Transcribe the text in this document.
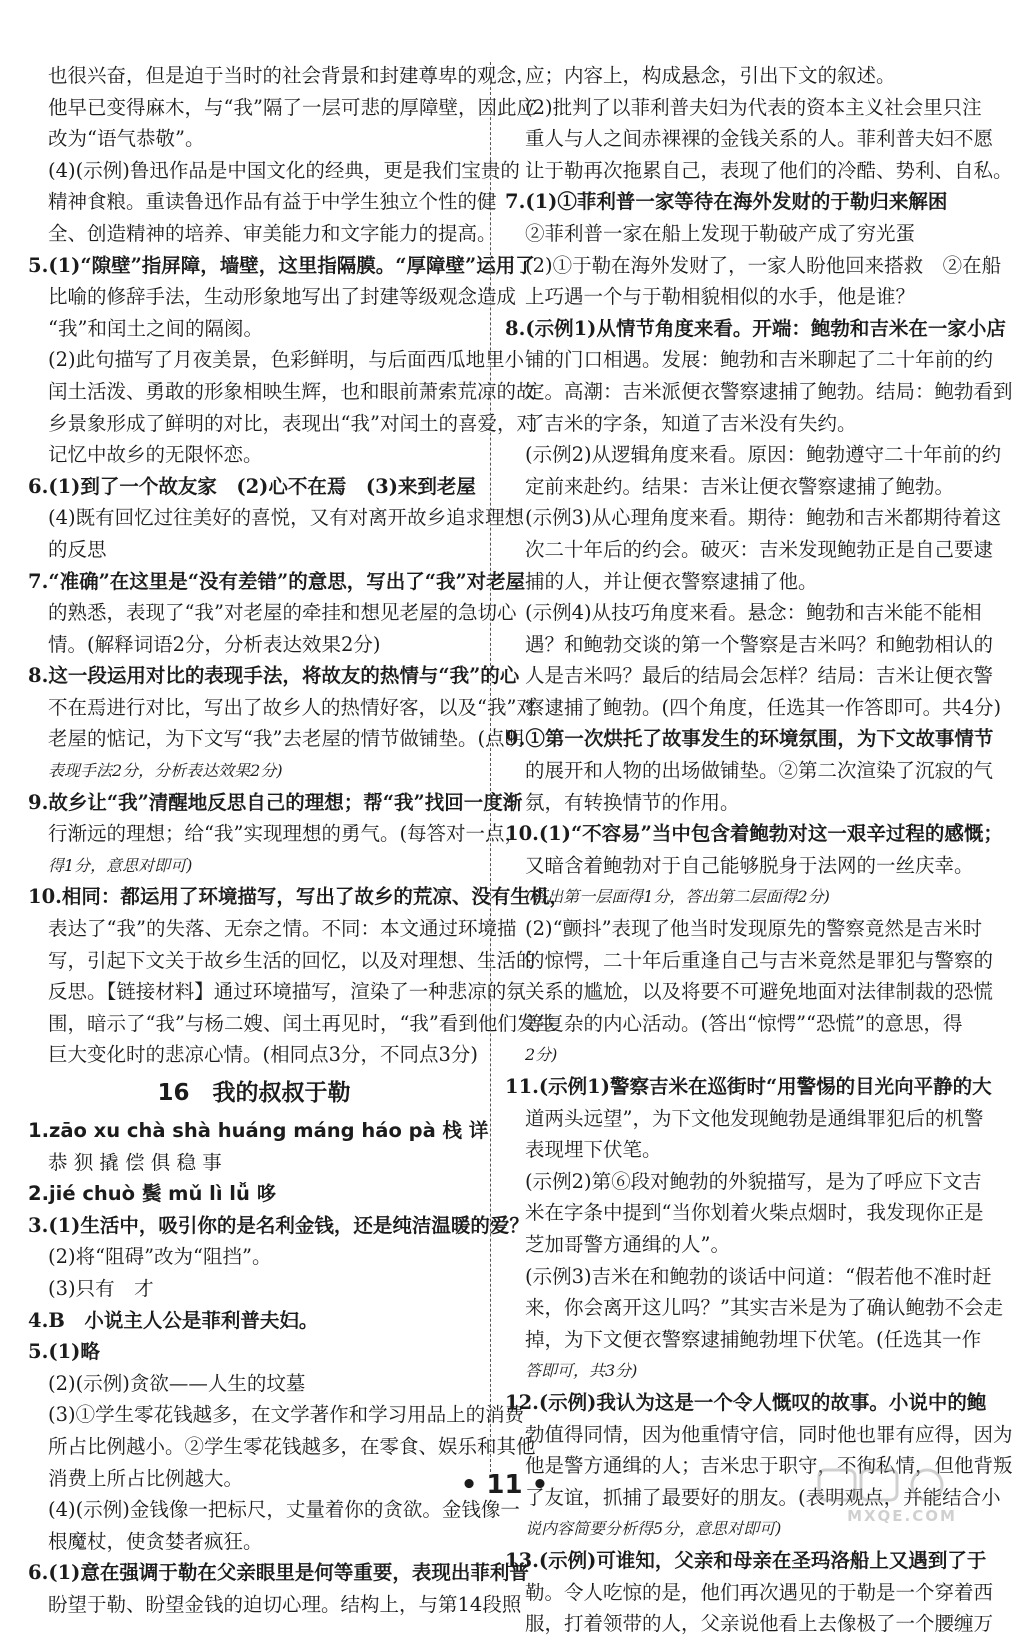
也很兴奋，但是迫于当时的社会背景和封建尊卑的观念，
他早已变得麻木，与“我”隔了一层可悲的厚障壁，因此应
改为“语气恭敬”。
(4)(示例)鲁迅作品是中国文化的经典，更是我们宝贵的
精神食粮。重读鲁迅作品有益于中学生独立个性的健
全、创造精神的培养、审美能力和文字能力的提高。
5.(1)“隙壁”指屏障，墙壁，这里指隔膜。“厚障壁”运用了
比喻的修辞手法，生动形象地写出了封建等级观念造成
“我”和闰土之间的隔阂。
(2)此句描写了月夜美景，色彩鲜明，与后面西瓜地里小
闰土活泼、勇敢的形象相映生辉，也和眼前萧索荒凉的故
乡景象形成了鲜明的对比，表现出“我”对闰土的喜爱，对
记忆中故乡的无限怀恋。
6.(1)到了一个故友家　(2)心不在焉　(3)来到老屋
(4)既有回忆过往美好的喜悦，又有对离开故乡追求理想
的反思
7.“准确”在这里是“没有差错”的意思，写出了“我”对老屋
的熟悉，表现了“我”对老屋的牵挂和想见老屋的急切心
情。(解释词语2分，分析表达效果2分)
8.这一段运用对比的表现手法，将故友的热情与“我”的心
不在焉进行对比，写出了故乡人的热情好客，以及“我”对
老屋的惦记，为下文写“我”去老屋的情节做铺垫。(点明
表现手法2分，分析表达效果2分)
9.故乡让“我”清醒地反思自己的理想；帮“我”找回一度渐
行渐远的理想；给“我”实现理想的勇气。(每答对一点，
得1分，意思对即可)
10.相同：都运用了环境描写，写出了故乡的荒凉、没有生机，
表达了“我”的失落、无奈之情。不同：本文通过环境描
写，引起下文关于故乡生活的回忆，以及对理想、生活的
反思。【链接材料】通过环境描写，渲染了一种悲凉的氛
围，暗示了“我”与杨二嫂、闰土再见时，“我”看到他们发生
巨大变化时的悲凉心情。(相同点3分，不同点3分)
16　我的叔叔于勒
1.zāo xu chà shà huáng máng háo pà 栈 详
恭 狈 撬 偿 俱 稳 事
2.jié chuò 鬓 mǔ lì lǚ 哆
3.(1)生活中，吸引你的是名利金钱，还是纯洁温暖的爱？
(2)将“阻碍”改为“阻挡”。
(3)只有　才
4.B　小说主人公是菲利普夫妇。
5.(1)略
(2)(示例)贪欲——人生的坟墓
(3)①学生零花钱越多，在文学著作和学习用品上的消费
所占比例越小。②学生零花钱越多，在零食、娱乐和其他
消费上所占比例越大。
(4)(示例)金钱像一把标尺，丈量着你的贪欲。金钱像一
根魔杖，使贪婪者疯狂。
6.(1)意在强调于勒在父亲眼里是何等重要，表现出菲利普
盼望于勒、盼望金钱的迫切心理。结构上，与第14段照
应；内容上，构成悬念，引出下文的叙述。
(2)批判了以菲利普夫妇为代表的资本主义社会里只注
重人与人之间赤裸裸的金钱关系的人。菲利普夫妇不愿
让于勒再次拖累自己，表现了他们的冷酷、势利、自私。
7.(1)①菲利普一家等待在海外发财的于勒归来解困
②菲利普一家在船上发现于勒破产成了穷光蛋
(2)①于勒在海外发财了，一家人盼他回来搭救　②在船
上巧遇一个与于勒相貌相似的水手，他是谁？
8.(示例1)从情节角度来看。开端：鲍勃和吉米在一家小店
铺的门口相遇。发展：鲍勃和吉米聊起了二十年前的约
定。高潮：吉米派便衣警察逮捕了鲍勃。结局：鲍勃看到
了吉米的字条，知道了吉米没有失约。
(示例2)从逻辑角度来看。原因：鲍勃遵守二十年前的约
定前来赴约。结果：吉米让便衣警察逮捕了鲍勃。
(示例3)从心理角度来看。期待：鲍勃和吉米都期待着这
次二十年后的约会。破灭：吉米发现鲍勃正是自己要逮
捕的人，并让便衣警察逮捕了他。
(示例4)从技巧角度来看。悬念：鲍勃和吉米能不能相
遇？和鲍勃交谈的第一个警察是吉米吗？和鲍勃相认的
人是吉米吗？最后的结局会怎样？结局：吉米让便衣警
察逮捕了鲍勃。(四个角度，任选其一作答即可。共4分)
9.①第一次烘托了故事发生的环境氛围，为下文故事情节
的展开和人物的出场做铺垫。②第二次渲染了沉寂的气
氛，有转换情节的作用。
10.(1)“不容易”当中包含着鲍勃对这一艰辛过程的感慨；
又暗含着鲍勃对于自己能够脱身于法网的一丝庆幸。
(答出第一层面得1分，答出第二层面得2分)
(2)“颤抖”表现了他当时发现原先的警察竟然是吉米时
的惊愕，二十年后重逢自己与吉米竟然是罪犯与警察的
关系的尴尬，以及将要不可避免地面对法律制裁的恐慌
等复杂的内心活动。(答出“惊愕”“恐慌”的意思，得
2分)
11.(示例1)警察吉米在巡街时“用警惕的目光向平静的大
道两头远望”，为下文他发现鲍勃是通缉罪犯后的机警
表现埋下伏笔。
(示例2)第⑥段对鲍勃的外貌描写，是为了呼应下文吉
米在字条中提到“当你划着火柴点烟时，我发现你正是
芝加哥警方通缉的人”。
(示例3)吉米在和鲍勃的谈话中问道：“假若他不准时赶
来，你会离开这儿吗？”其实吉米是为了确认鲍勃不会走
掉，为下文便衣警察逮捕鲍勃埋下伏笔。(任选其一作
答即可，共3分)
12.(示例)我认为这是一个令人慨叹的故事。小说中的鲍
勃值得同情，因为他重情守信，同时他也罪有应得，因为
他是警方通缉的人；吉米忠于职守，不徇私情，但他背叛
了友谊，抓捕了最要好的朋友。(表明观点，并能结合小
说内容简要分析得5分，意思对即可)
13.(示例)可谁知，父亲和母亲在圣玛洛船上又遇到了于
勒。令人吃惊的是，他们再次遇见的于勒是一个穿着西
服，打着领带的人，父亲说他看上去像极了一个腰缠万
• 11 •
MXQE.COM
